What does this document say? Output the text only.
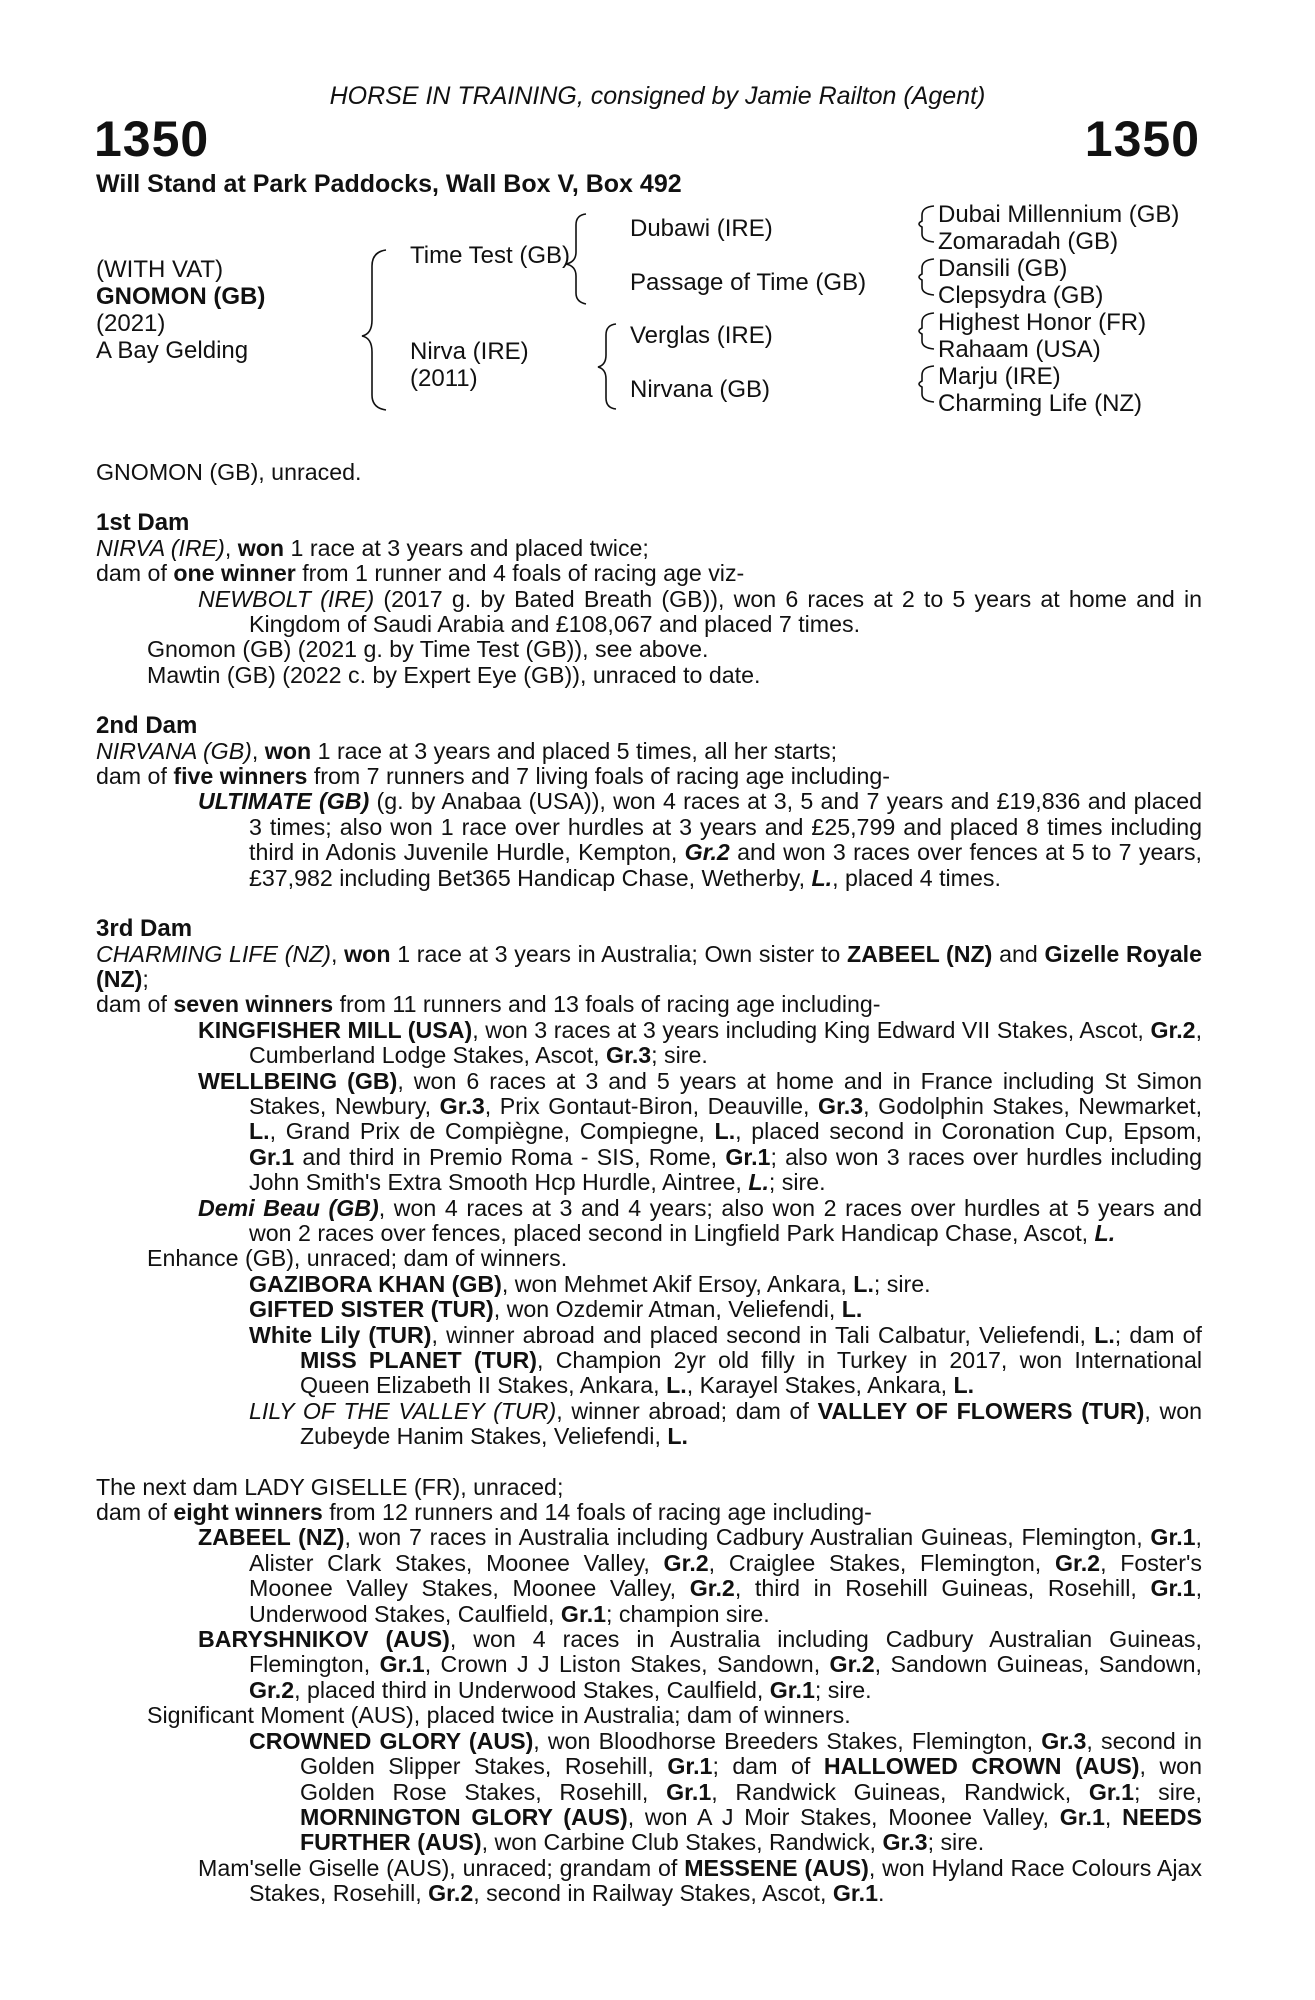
HORSE IN TRAINING, consigned by Jamie Railton (Agent)
1350	1350
Will Stand at Park Paddocks, Wall Box V, Box 492
(WITH VAT)
GNOMON (GB)
(2021)
A Bay Gelding
Time Test (GB)
Nirva (IRE)
(2011)
Dubawi (IRE)
Passage of Time (GB)
Verglas (IRE)
Nirvana (GB)
Dubai Millennium (GB)
Zomaradah (GB)
Dansili (GB)
Clepsydra (GB)
Highest Honor (FR)
Rahaam (USA)
Marju (IRE)
Charming Life (NZ)

GNOMON (GB), unraced.

1st Dam

NIRVA (IRE), won 1 race at 3 years and placed twice;

dam of one winner from 1 runner and 4 foals of racing age viz-

NEWBOLT (IRE) (2017 g. by Bated Breath (GB)), won 6 races at 2 to 5 years at home and in Kingdom of Saudi Arabia and £108,067 and placed 7 times.

Gnomon (GB) (2021 g. by Time Test (GB)), see above.

Mawtin (GB) (2022 c. by Expert Eye (GB)), unraced to date.

2nd Dam

NIRVANA (GB), won 1 race at 3 years and placed 5 times, all her starts;

dam of five winners from 7 runners and 7 living foals of racing age including-

ULTIMATE (GB) (g. by Anabaa (USA)), won 4 races at 3, 5 and 7 years and £19,836 and placed 3 times; also won 1 race over hurdles at 3 years and £25,799 and placed 8 times including third in Adonis Juvenile Hurdle, Kempton, Gr.2 and won 3 races over fences at 5 to 7 years, £37,982 including Bet365 Handicap Chase, Wetherby, L., placed 4 times.

3rd Dam

CHARMING LIFE (NZ), won 1 race at 3 years in Australia; Own sister to ZABEEL (NZ) and Gizelle Royale (NZ);

dam of seven winners from 11 runners and 13 foals of racing age including-

KINGFISHER MILL (USA), won 3 races at 3 years including King Edward VII Stakes, Ascot, Gr.2, Cumberland Lodge Stakes, Ascot, Gr.3; sire.

WELLBEING (GB), won 6 races at 3 and 5 years at home and in France including St Simon Stakes, Newbury, Gr.3, Prix Gontaut-Biron, Deauville, Gr.3, Godolphin Stakes, Newmarket, L., Grand Prix de Compiègne, Compiegne, L., placed second in Coronation Cup, Epsom, Gr.1 and third in Premio Roma - SIS, Rome, Gr.1; also won 3 races over hurdles including John Smith's Extra Smooth Hcp Hurdle, Aintree, L.; sire.

Demi Beau (GB), won 4 races at 3 and 4 years; also won 2 races over hurdles at 5 years and won 2 races over fences, placed second in Lingfield Park Handicap Chase, Ascot, L.

Enhance (GB), unraced; dam of winners.

GAZIBORA KHAN (GB), won Mehmet Akif Ersoy, Ankara, L.; sire.

GIFTED SISTER (TUR), won Ozdemir Atman, Veliefendi, L.

White Lily (TUR), winner abroad and placed second in Tali Calbatur, Veliefendi, L.; dam of MISS PLANET (TUR), Champion 2yr old filly in Turkey in 2017, won International Queen Elizabeth II Stakes, Ankara, L., Karayel Stakes, Ankara, L.

LILY OF THE VALLEY (TUR), winner abroad; dam of VALLEY OF FLOWERS (TUR), won Zubeyde Hanim Stakes, Veliefendi, L.

The next dam LADY GISELLE (FR), unraced;

dam of eight winners from 12 runners and 14 foals of racing age including-

ZABEEL (NZ), won 7 races in Australia including Cadbury Australian Guineas, Flemington, Gr.1, Alister Clark Stakes, Moonee Valley, Gr.2, Craiglee Stakes, Flemington, Gr.2, Foster's Moonee Valley Stakes, Moonee Valley, Gr.2, third in Rosehill Guineas, Rosehill, Gr.1, Underwood Stakes, Caulfield, Gr.1; champion sire.

BARYSHNIKOV (AUS), won 4 races in Australia including Cadbury Australian Guineas, Flemington, Gr.1, Crown J J Liston Stakes, Sandown, Gr.2, Sandown Guineas, Sandown, Gr.2, placed third in Underwood Stakes, Caulfield, Gr.1; sire.

Significant Moment (AUS), placed twice in Australia; dam of winners.

CROWNED GLORY (AUS), won Bloodhorse Breeders Stakes, Flemington, Gr.3, second in Golden Slipper Stakes, Rosehill, Gr.1; dam of HALLOWED CROWN (AUS), won Golden Rose Stakes, Rosehill, Gr.1, Randwick Guineas, Randwick, Gr.1; sire, MORNINGTON GLORY (AUS), won A J Moir Stakes, Moonee Valley, Gr.1, NEEDS FURTHER (AUS), won Carbine Club Stakes, Randwick, Gr.3; sire.

Mam'selle Giselle (AUS), unraced; grandam of MESSENE (AUS), won Hyland Race Colours Ajax Stakes, Rosehill, Gr.2, second in Railway Stakes, Ascot, Gr.1.
